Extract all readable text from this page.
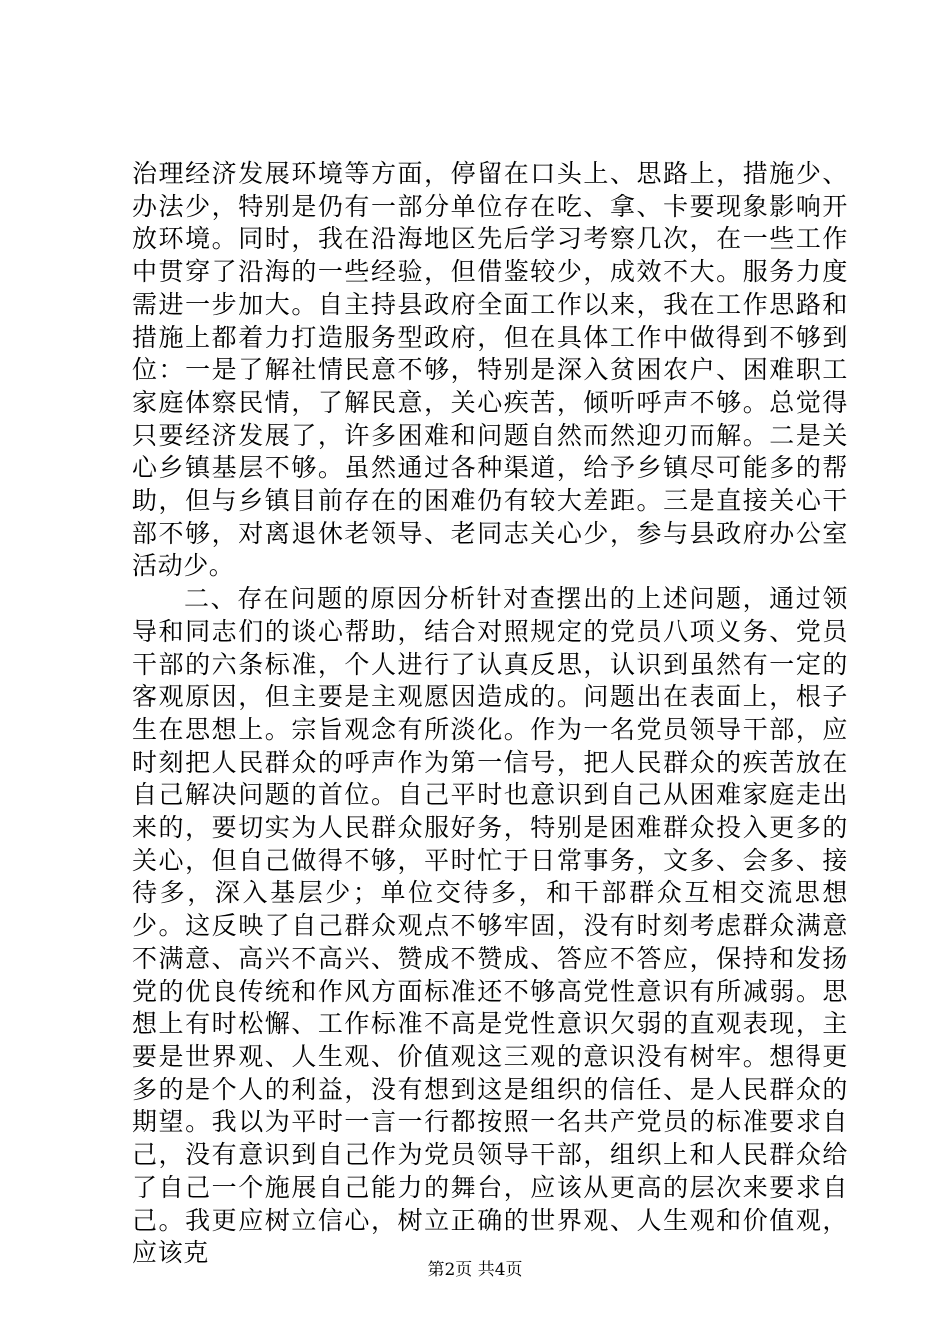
治理经济发展环境等方面，停留在口头上、思路上，措施少、办法少，特别是仍有一部分单位存在吃、拿、卡要现象影响开放环境。同时，我在沿海地区先后学习考察几次，在一些工作中贯穿了沿海的一些经验，但借鉴较少，成效不大。服务力度需进一步加大。自主持县政府全面工作以来，我在工作思路和措施上都着力打造服务型政府，但在具体工作中做得到不够到位：一是了解社情民意不够，特别是深入贫困农户、困难职工家庭体察民情，了解民意，关心疾苦，倾听呼声不够。总觉得只要经济发展了，许多困难和问题自然而然迎刃而解。二是关心乡镇基层不够。虽然通过各种渠道，给予乡镇尽可能多的帮助，但与乡镇目前存在的困难仍有较大差距。三是直接关心干部不够，对离退休老领导、老同志关心少，参与县政府办公室活动少。

二、存在问题的原因分析针对查摆出的上述问题，通过领导和同志们的谈心帮助，结合对照规定的党员八项义务、党员干部的六条标准，个人进行了认真反思，认识到虽然有一定的客观原因，但主要是主观愿因造成的。问题出在表面上，根子生在思想上。宗旨观念有所淡化。作为一名党员领导干部，应时刻把人民群众的呼声作为第一信号，把人民群众的疾苦放在自己解决问题的首位。自己平时也意识到自己从困难家庭走出来的，要切实为人民群众服好务，特别是困难群众投入更多的关心，但自己做得不够，平时忙于日常事务，文多、会多、接待多，深入基层少；单位交待多，和干部群众互相交流思想少。这反映了自己群众观点不够牢固，没有时刻考虑群众满意不满意、高兴不高兴、赞成不赞成、答应不答应，保持和发扬党的优良传统和作风方面标准还不够高党性意识有所减弱。思想上有时松懈、工作标准不高是党性意识欠弱的直观表现，主要是世界观、人生观、价值观这三观的意识没有树牢。想得更多的是个人的利益，没有想到这是组织的信任、是人民群众的期望。我以为平时一言一行都按照一名共产党员的标准要求自己，没有意识到自己作为党员领导干部，组织上和人民群众给了自己一个施展自己能力的舞台，应该从更高的层次来要求自己。我更应树立信心，树立正确的世界观、人生观和价值观，应该克

第2页 共4页
